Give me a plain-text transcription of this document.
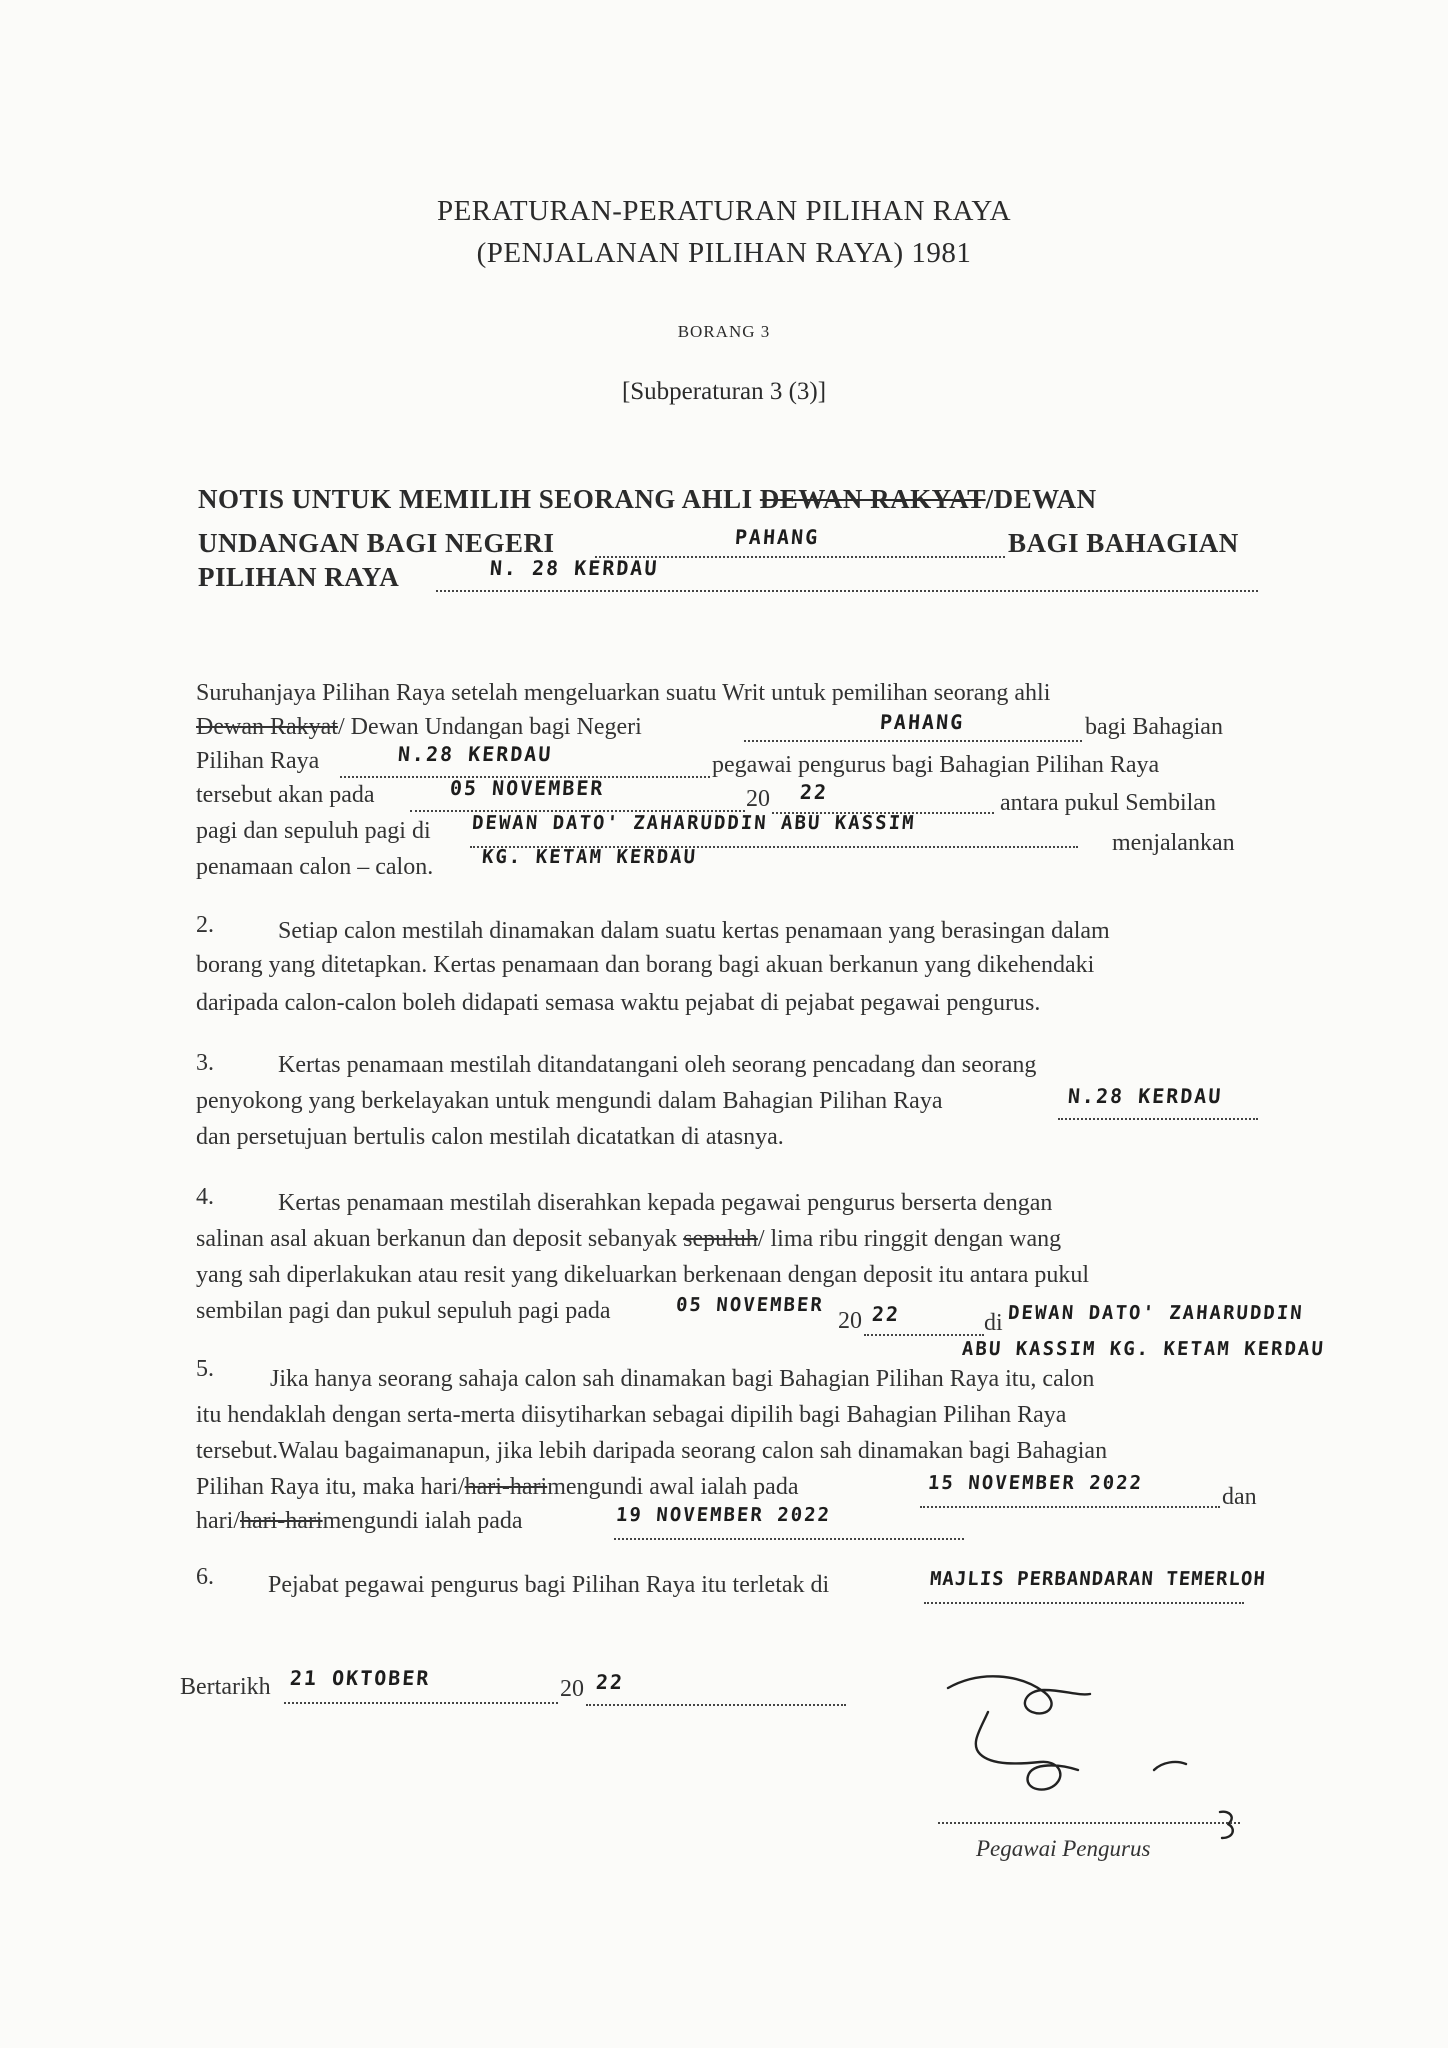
PERATURAN-PERATURAN PILIHAN RAYA
(PENJALANAN PILIHAN RAYA) 1981
BORANG 3
[Subperaturan 3 (3)]
NOTIS UNTUK MEMILIH SEORANG AHLI DEWAN RAKYAT/DEWAN
UNDANGAN BAGI NEGERI	PAHANG	BAGI BAHAGIAN
PILIHAN RAYA	N. 28 KERDAU
Suruhanjaya Pilihan Raya setelah mengeluarkan suatu Writ untuk pemilihan seorang ahli
Dewan Rakyat/ Dewan Undangan bagi Negeri	PAHANG	bagi Bahagian
Pilihan Raya	N.28 KERDAU	pegawai pengurus bagi Bahagian Pilihan Raya
tersebut akan pada	05 NOVEMBER	20 22	antara pukul Sembilan
pagi dan sepuluh pagi di DEWAN DATO' ZAHARUDDIN ABU KASSIM
menjalankan
penamaan calon – calon.	KG. KETAM KERDAU
2.	Setiap calon mestilah dinamakan dalam suatu kertas penamaan yang berasingan dalam
borang yang ditetapkan. Kertas penamaan dan borang bagi akuan berkanun yang dikehendaki
daripada calon-calon boleh didapati semasa waktu pejabat di pejabat pegawai pengurus.
3.	Kertas penamaan mestilah ditandatangani oleh seorang pencadang dan seorang
penyokong yang berkelayakan untuk mengundi dalam Bahagian Pilihan Raya	N.28 KERDAU
dan persetujuan bertulis calon mestilah dicatatkan di atasnya.
4.	Kertas penamaan mestilah diserahkan kepada pegawai pengurus berserta dengan
salinan asal akuan berkanun dan deposit sebanyak sepuluh/ lima ribu ringgit dengan wang
yang sah diperlakukan atau resit yang dikeluarkan berkenaan dengan deposit itu antara pukul
sembilan pagi dan pukul sepuluh pagi pada	05 NOVEMBER
20 22	di DEWAN DATO' ZAHARUDDIN
ABU KASSIM KG. KETAM KERDAU
5. Jika hanya seorang sahaja calon sah dinamakan bagi Bahagian Pilihan Raya itu, calon
itu hendaklah dengan serta-merta diisytiharkan sebagai dipilih bagi Bahagian Pilihan Raya
tersebut.Walau bagaimanapun, jika lebih daripada seorang calon sah dinamakan bagi Bahagian
Pilihan Raya itu, maka hari/hari-harimengundi awal ialah pada	15 NOVEMBER 2022
dan
hari/hari-harimengundi ialah pada	19 NOVEMBER 2022
6. Pejabat pegawai pengurus bagi Pilihan Raya itu terletak di	MAJLIS PERBANDARAN TEMERLOH
Bertarikh 21 OKTOBER	20 22
Pegawai Pengurus
